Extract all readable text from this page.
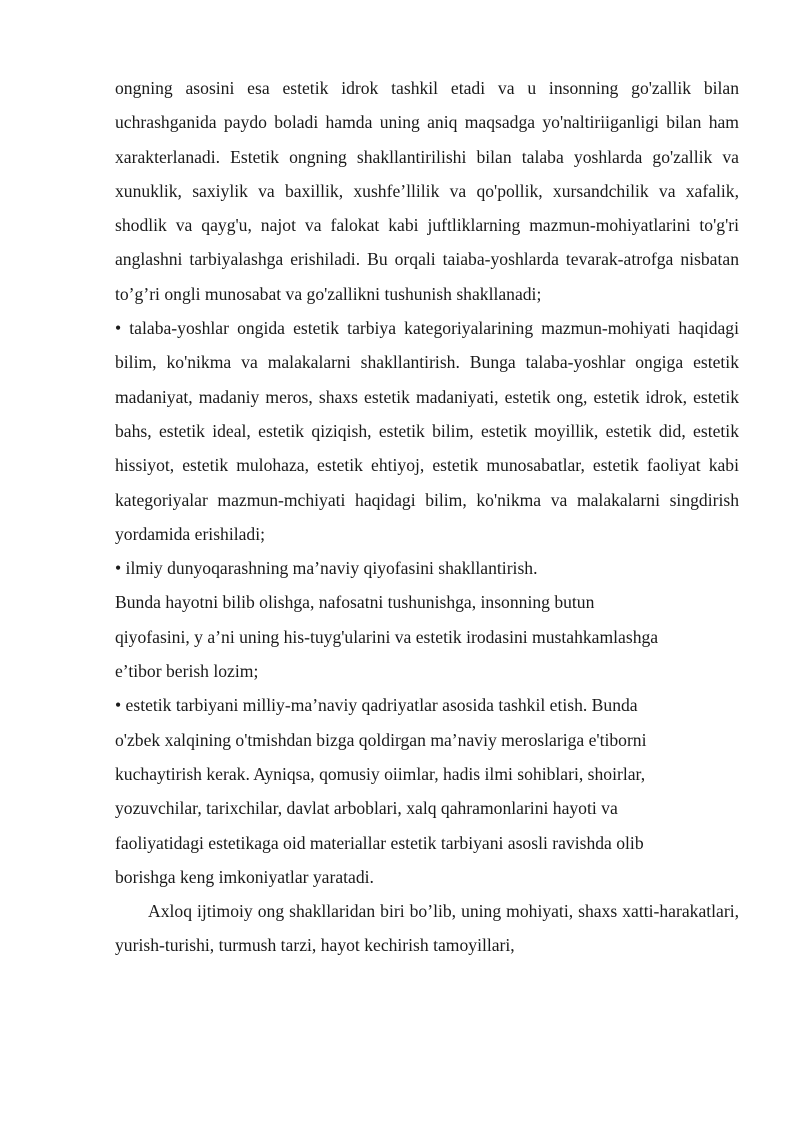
ongning asosini esa estetik idrok tashkil etadi va u insonning go'zallik bilan uchrashganida paydo boladi hamda uning aniq maqsadga yo'naltiriiganligi bilan ham xarakterlanadi. Estetik ongning shakllantirilishi bilan talaba yoshlarda go'zallik va xunuklik, saxiylik va baxillik, xushfe’llilik va qo'pollik, xursandchilik va xafalik, shodlik va qayg'u, najot va falokat kabi juftliklarning mazmun-mohiyatlarini to'g'ri anglashni tarbiyalashga erishiladi. Bu orqali taiaba-yoshlarda tevarak-atrofga nisbatan to’g’ri ongli munosabat va go'zallikni tushunish shakllanadi;

• talaba-yoshlar ongida estetik tarbiya kategoriyalarining mazmun-mohiyati haqidagi bilim, ko'nikma va malakalarni shakllantirish. Bunga talaba-yoshlar ongiga estetik madaniyat, madaniy meros, shaxs estetik madaniyati, estetik ong, estetik idrok, estetik bahs, estetik ideal, estetik qiziqish, estetik bilim, estetik moyillik, estetik did, estetik hissiyot, estetik mulohaza, estetik ehtiyoj, estetik munosabatlar, estetik faoliyat kabi kategoriyalar mazmun-mchiyati haqidagi bilim, ko'nikma va malakalarni singdirish yordamida erishiladi;

• ilmiy dunyoqarashning ma’naviy qiyofasini shakllantirish.

Bunda hayotni bilib olishga, nafosatni tushunishga, insonning butun
qiyofasini, y a’ni uning his-tuyg'ularini va estetik irodasini mustahkamlashga
e’tibor berish lozim;
• estetik tarbiyani milliy-ma’naviy qadriyatlar asosida tashkil etish. Bunda
o'zbek xalqining o'tmishdan bizga qoldirgan ma’naviy meroslariga e'tiborni
kuchaytirish kerak. Ayniqsa, qomusiy oiimlar, hadis ilmi sohiblari, shoirlar,
yozuvchilar, tarixchilar, davlat arboblari, xalq qahramonlarini hayoti va
faoliyatidagi estetikaga oid materiallar estetik tarbiyani asosli ravishda olib
borishga keng imkoniyatlar yaratadi.

Axloq ijtimoiy ong shakllaridan biri bo’lib, uning mohiyati, shaxs xatti-harakatlari, yurish-turishi, turmush tarzi, hayot kechirish tamoyillari,
